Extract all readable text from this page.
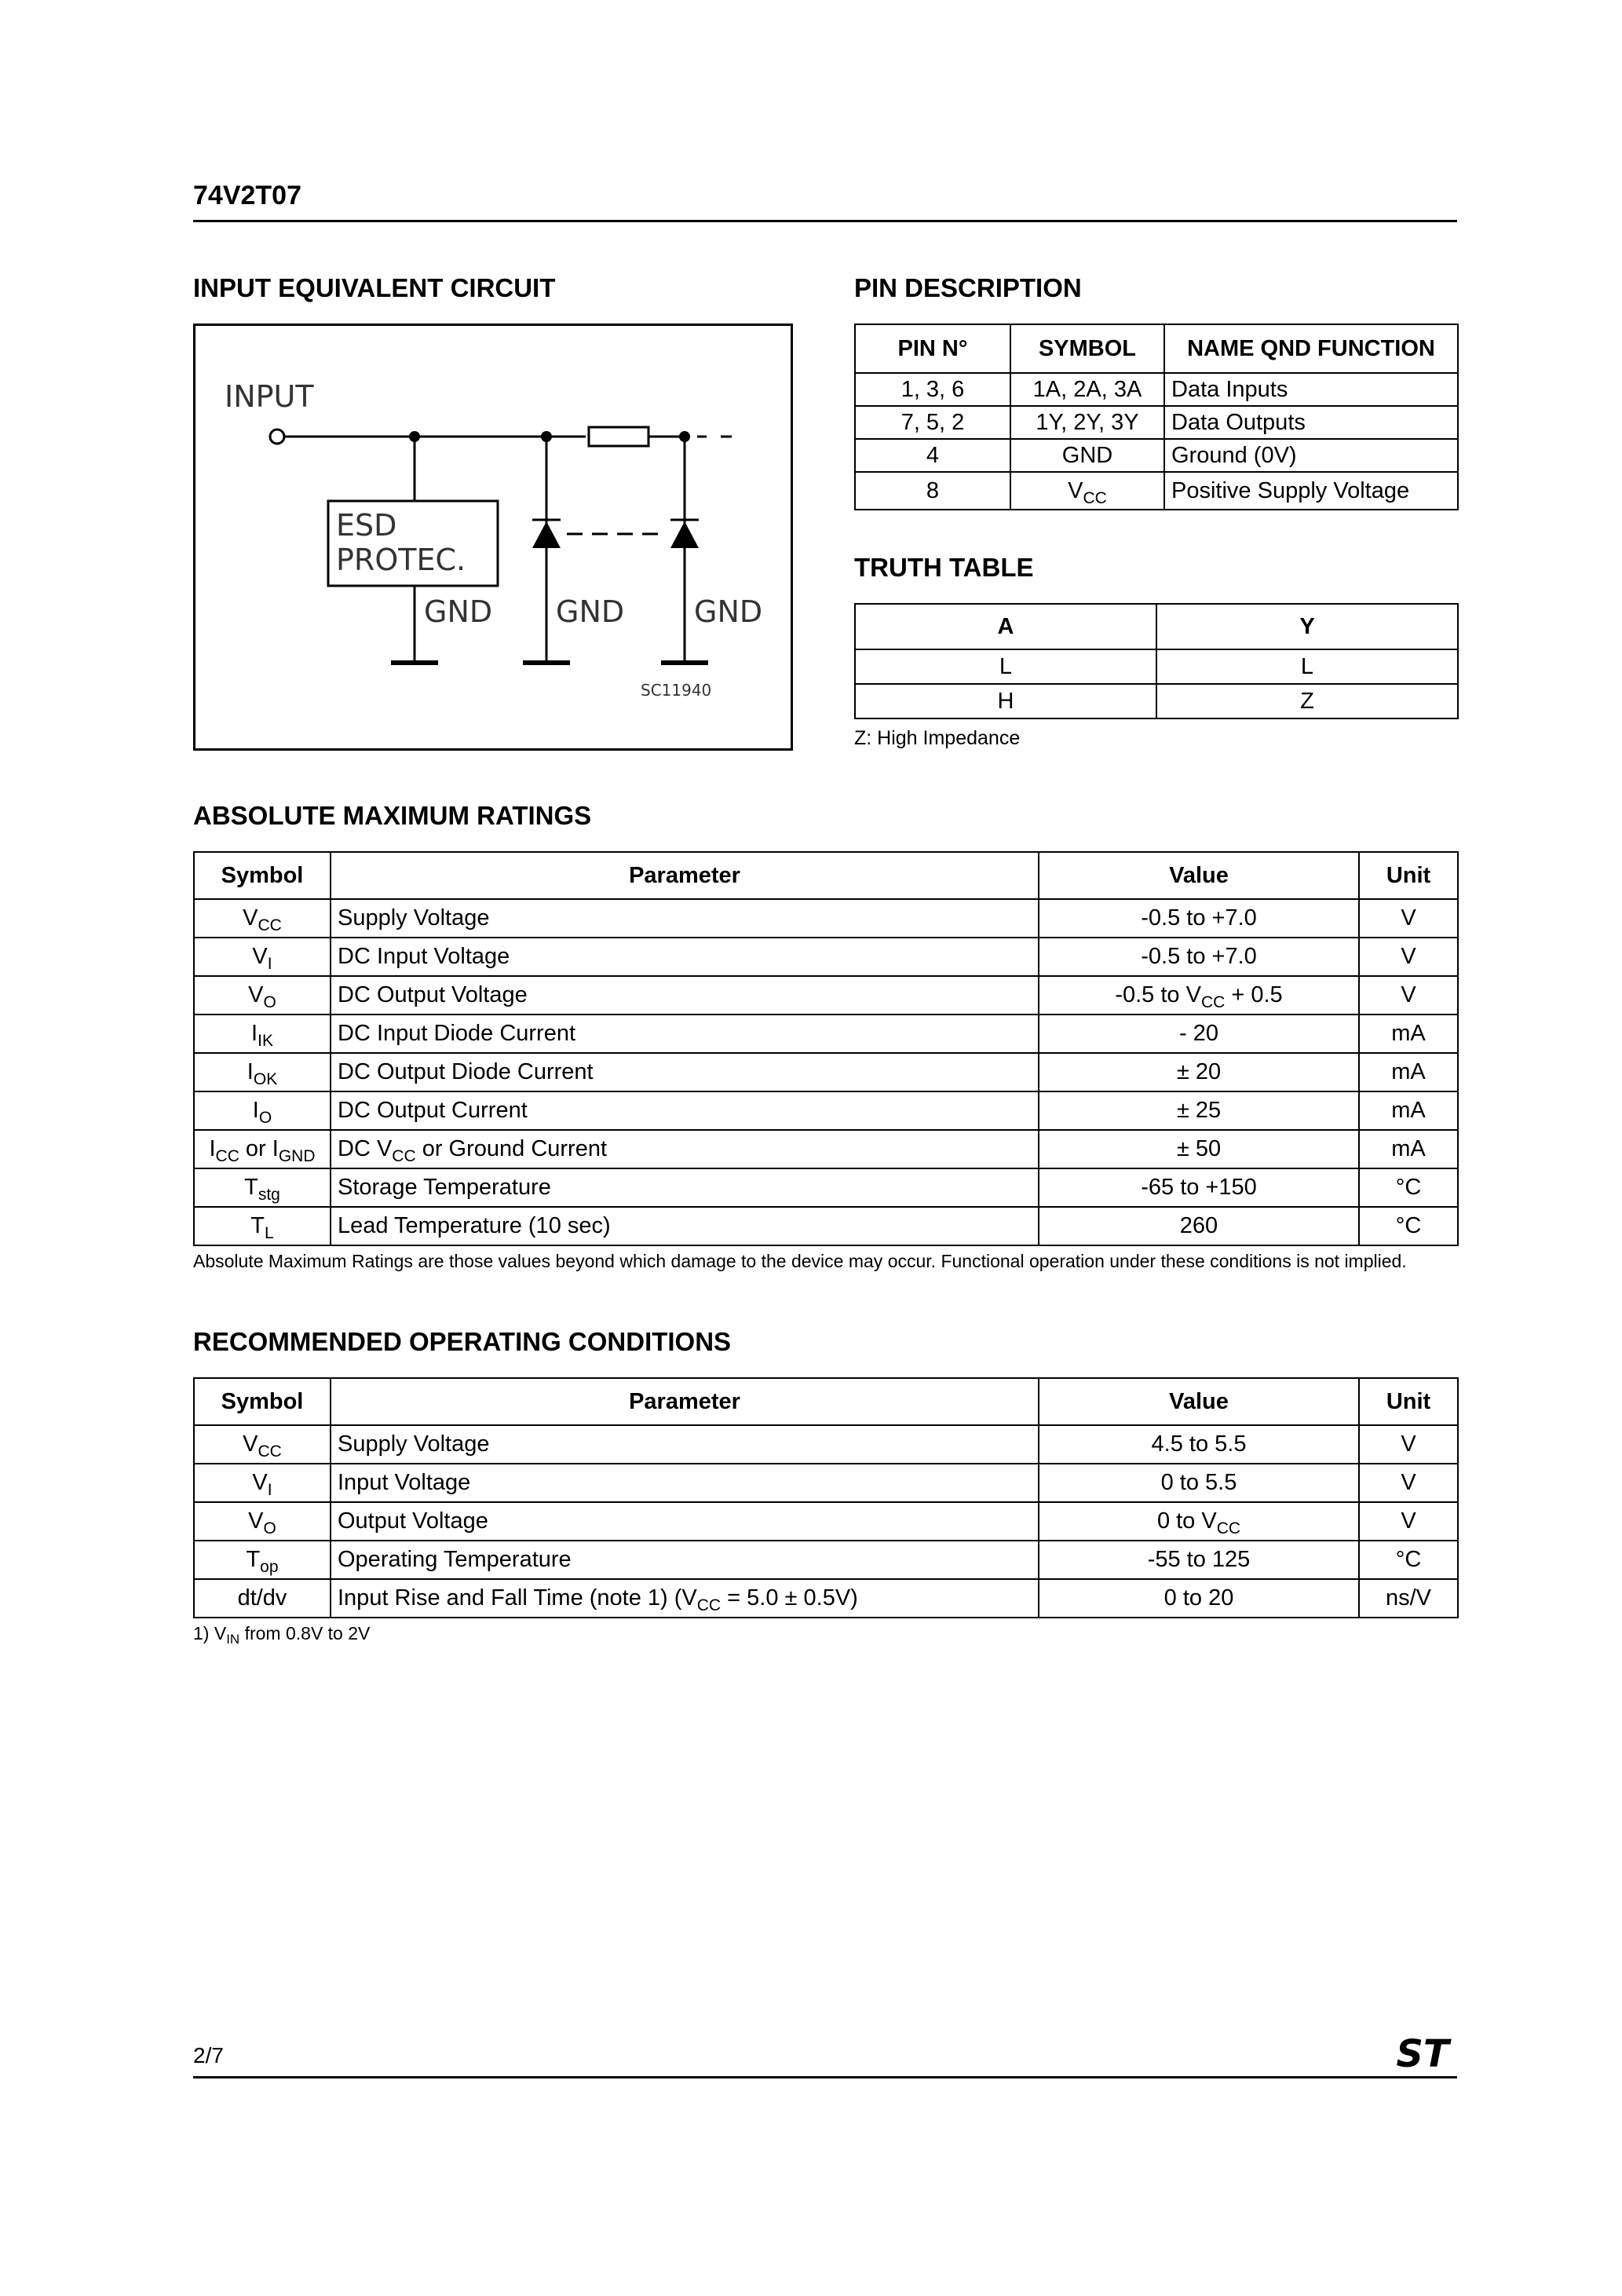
74V2T07
INPUT EQUIVALENT CIRCUIT
INPUT
ESD
PROTEC.
GND GND GND
SC11940
PIN DESCRIPTION
PIN N°	SYMBOL	NAME QND FUNCTION
1, 3, 6	1A, 2A, 3A	Data Inputs
7, 5, 2	1Y, 2Y, 3Y	Data Outputs
4	GND	Ground (0V)
8	$V_{CC}$	Positive Supply Voltage
TRUTH TABLE
A	Y
L	L
H	Z
Z: High Impedance
ABSOLUTE MAXIMUM RATINGS
Symbol	Parameter	Value	Unit
$V_{CC}$	Supply Voltage	-0.5 to +7.0	V
$V_I$	DC Input Voltage	-0.5 to +7.0	V
$V_O$	DC Output Voltage	-0.5 to $V_{CC} + 0.5$	V
$I_{IK}$	DC Input Diode Current	- 20	mA
$I_{OK}$	DC Output Diode Current	± 20	mA
$I_O$	DC Output Current	± 25	mA
$I_{CC}$ or $I_{GND}$	DC $V_{CC}$ or Ground Current	± 50	mA
$T_{stg}$	Storage Temperature	-65 to +150	°C
$T_L$	Lead Temperature (10 sec)	260	°C
Absolute Maximum Ratings are those values beyond which damage to the device may occur. Functional operation under these conditions is not implied.
RECOMMENDED OPERATING CONDITIONS
Symbol	Parameter	Value	Unit
$V_{CC}$	Supply Voltage	4.5 to 5.5	V
$V_I$	Input Voltage	0 to 5.5	V
$V_O$	Output Voltage	0 to $V_{CC}$	V
$T_{op}$	Operating Temperature	-55 to 125	°C
dt/dv	Input Rise and Fall Time (note 1) $(V_{CC} = 5.0 \pm 0.5V)$	0 to 20	ns/V
1) $V_{IN}$ from 0.8V to 2V
2/7	ST
